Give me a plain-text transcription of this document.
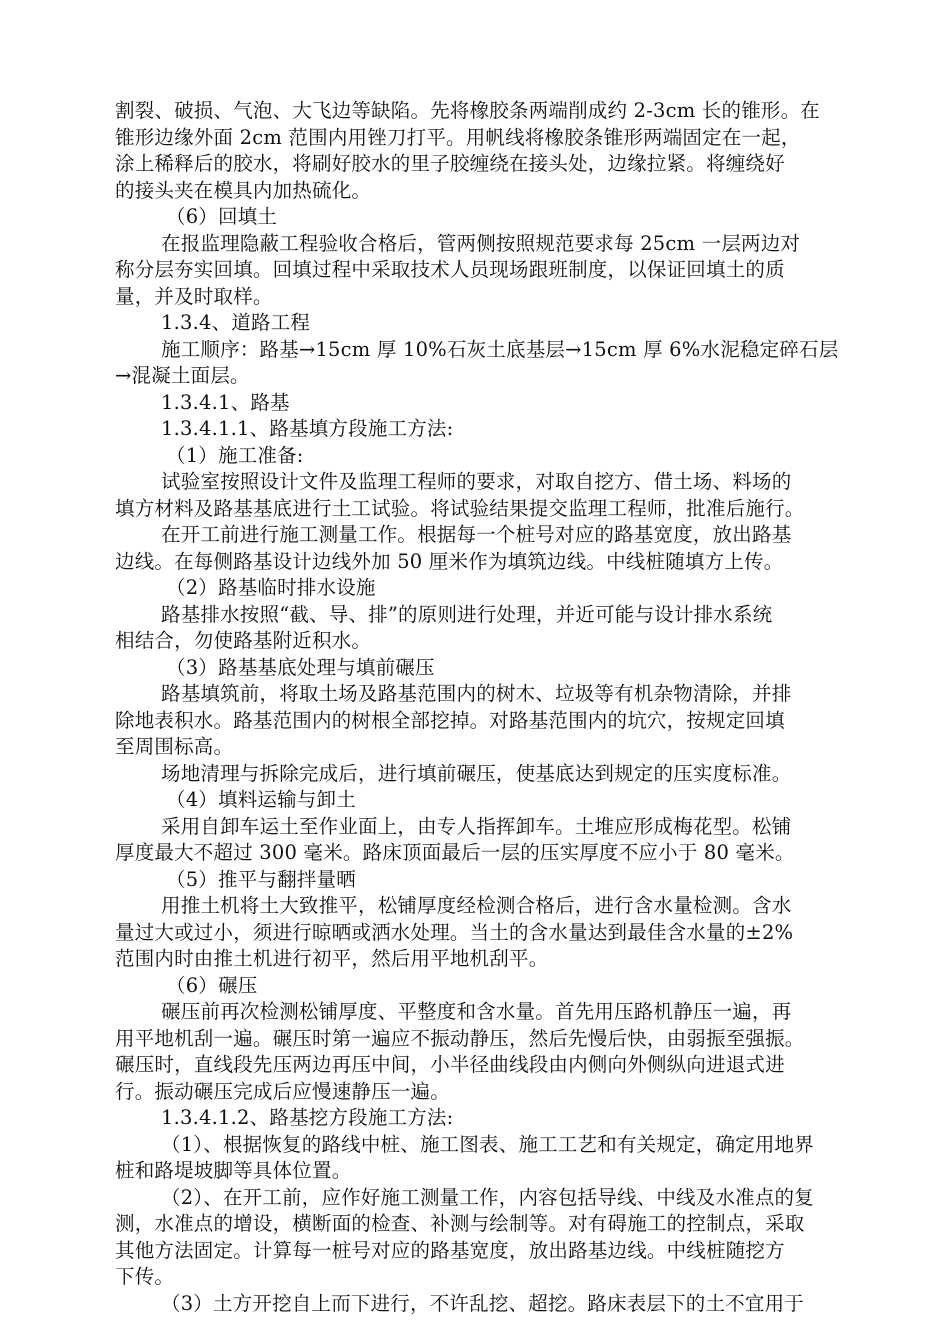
割裂、破损、气泡、大飞边等缺陷。先将橡胶条两端削成约 2-3cm 长的锥形。在
锥形边缘外面 2cm 范围内用锉刀打平。用帆线将橡胶条锥形两端固定在一起，
涂上稀释后的胶水，将刷好胶水的里子胶缠绕在接头处，边缘拉紧。将缠绕好
的接头夹在模具内加热硫化。
（6）回填土
在报监理隐蔽工程验收合格后，管两侧按照规范要求每 25cm 一层两边对
称分层夯实回填。回填过程中采取技术人员现场跟班制度，以保证回填土的质
量，并及时取样。
1.3.4、道路工程
施工顺序：路基→15cm 厚 10%石灰土底基层→15cm 厚 6%水泥稳定碎石层
→混凝土面层。
1.3.4.1、路基
1.3.4.1.1、路基填方段施工方法:
（1）施工准备:
试验室按照设计文件及监理工程师的要求，对取自挖方、借土场、料场的
填方材料及路基基底进行土工试验。将试验结果提交监理工程师，批准后施行。
在开工前进行施工测量工作。根据每一个桩号对应的路基宽度，放出路基
边线。在每侧路基设计边线外加 50 厘米作为填筑边线。中线桩随填方上传。
（2）路基临时排水设施
路基排水按照“截、导、排”的原则进行处理，并近可能与设计排水系统
相结合，勿使路基附近积水。
（3）路基基底处理与填前碾压
路基填筑前，将取土场及路基范围内的树木、垃圾等有机杂物清除，并排
除地表积水。路基范围内的树根全部挖掉。对路基范围内的坑穴，按规定回填
至周围标高。
场地清理与拆除完成后，进行填前碾压，使基底达到规定的压实度标准。
（4）填料运输与卸土
采用自卸车运土至作业面上，由专人指挥卸车。土堆应形成梅花型。松铺
厚度最大不超过 300 毫米。路床顶面最后一层的压实厚度不应小于 80 毫米。
（5）推平与翻拌量晒
用推土机将土大致推平，松铺厚度经检测合格后，进行含水量检测。含水
量过大或过小，须进行晾晒或洒水处理。当土的含水量达到最佳含水量的±2%
范围内时由推土机进行初平，然后用平地机刮平。
（6）碾压
碾压前再次检测松铺厚度、平整度和含水量。首先用压路机静压一遍，再
用平地机刮一遍。碾压时第一遍应不振动静压，然后先慢后快，由弱振至强振。
碾压时，直线段先压两边再压中间，小半径曲线段由内侧向外侧纵向进退式进
行。振动碾压完成后应慢速静压一遍。
1.3.4.1.2、路基挖方段施工方法:
（1）、根据恢复的路线中桩、施工图表、施工工艺和有关规定，确定用地界
桩和路堤坡脚等具体位置。
（2）、在开工前，应作好施工测量工作，内容包括导线、中线及水准点的复
测，水准点的增设，横断面的检查、补测与绘制等。对有碍施工的控制点，采取
其他方法固定。计算每一桩号对应的路基宽度，放出路基边线。中线桩随挖方
下传。
（3）土方开挖自上而下进行，不许乱挖、超挖。路床表层下的土不宜用于
